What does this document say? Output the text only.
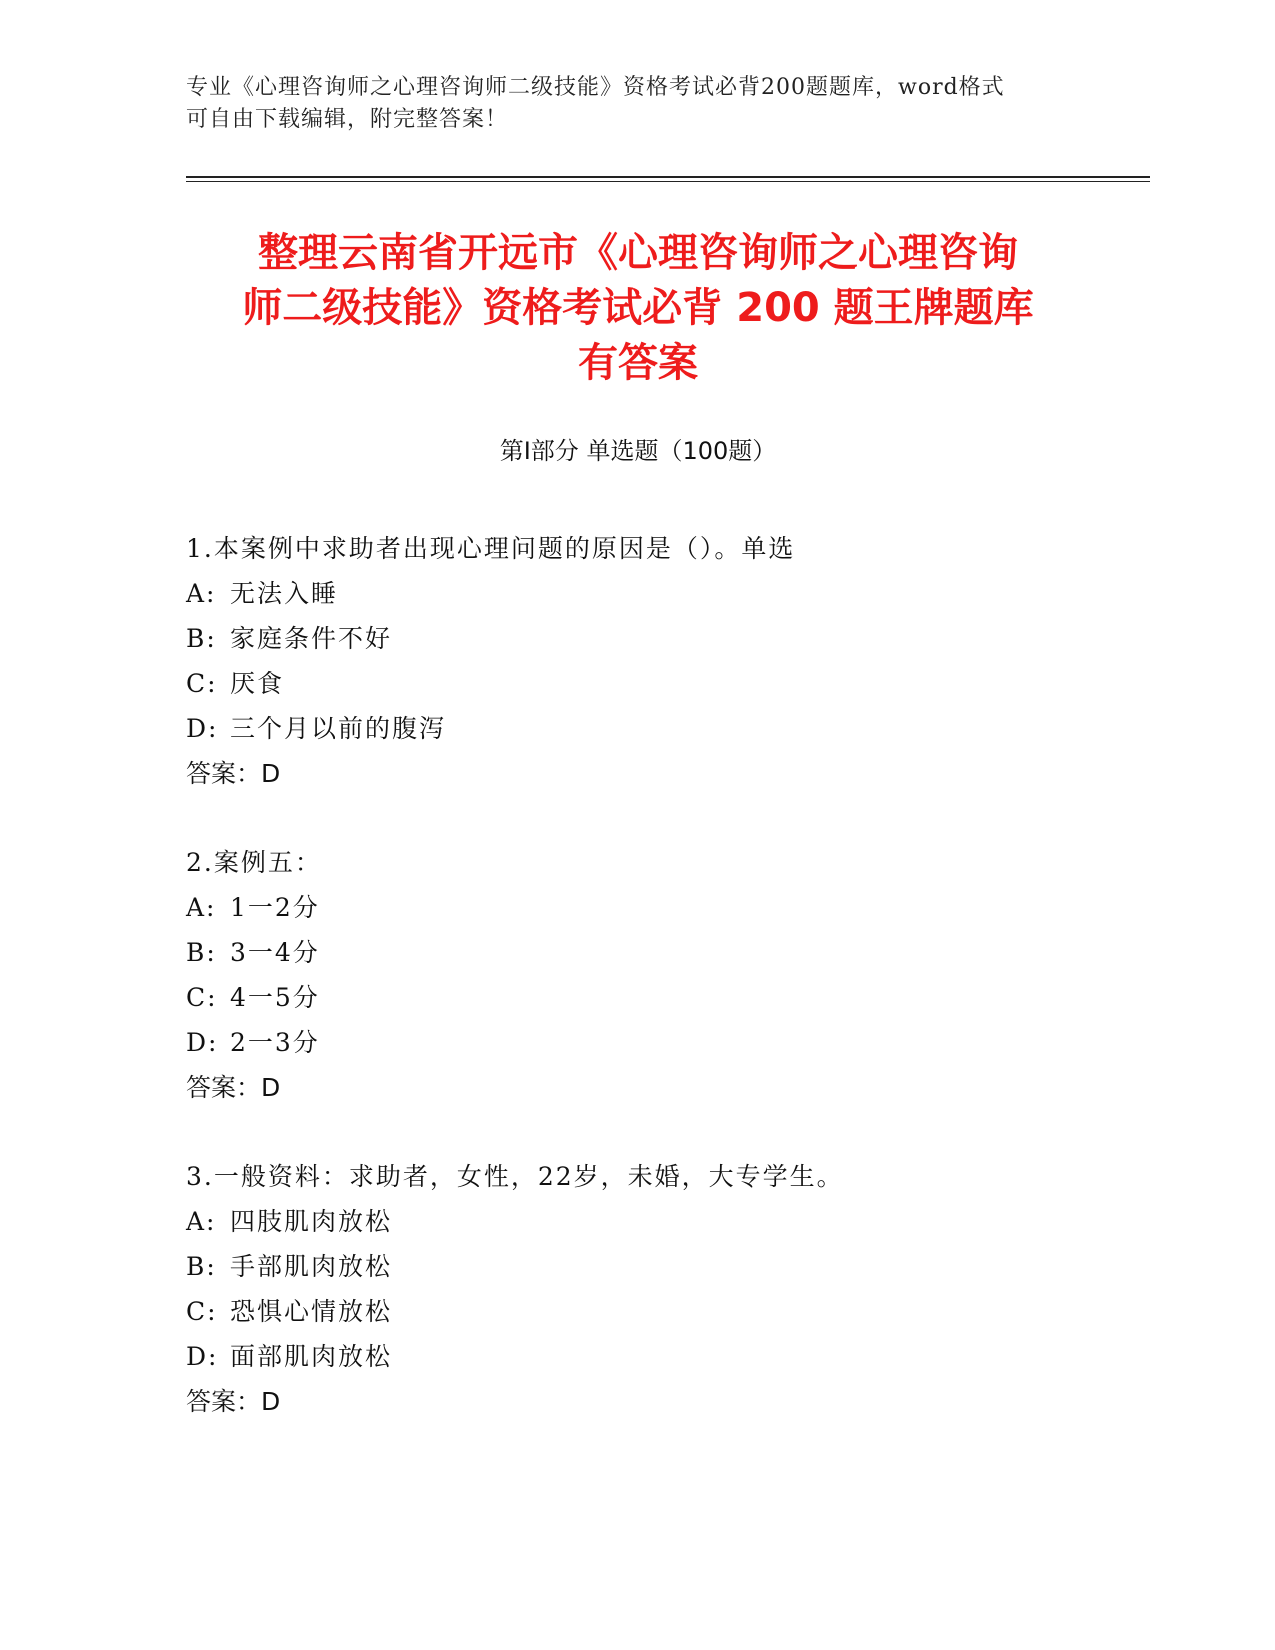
专业《心理咨询师之心理咨询师二级技能》资格考试必背200题题库，word格式
可自由下载编辑，附完整答案！
整理云南省开远市《心理咨询师之心理咨询
师二级技能》资格考试必背 200 题王牌题库
有答案
第Ⅰ部分 单选题（100题）
1.本案例中求助者出现心理问题的原因是（）。单选
A: 无法入睡
B: 家庭条件不好
C: 厌食
D: 三个月以前的腹泻
答案：D
2.案例五：
A: 1一2分
B: 3一4分
C: 4一5分
D: 2一3分
答案：D
3.一般资料：求助者，女性，22岁，未婚，大专学生。
A: 四肢肌肉放松
B: 手部肌肉放松
C: 恐惧心情放松
D: 面部肌肉放松
答案：D
